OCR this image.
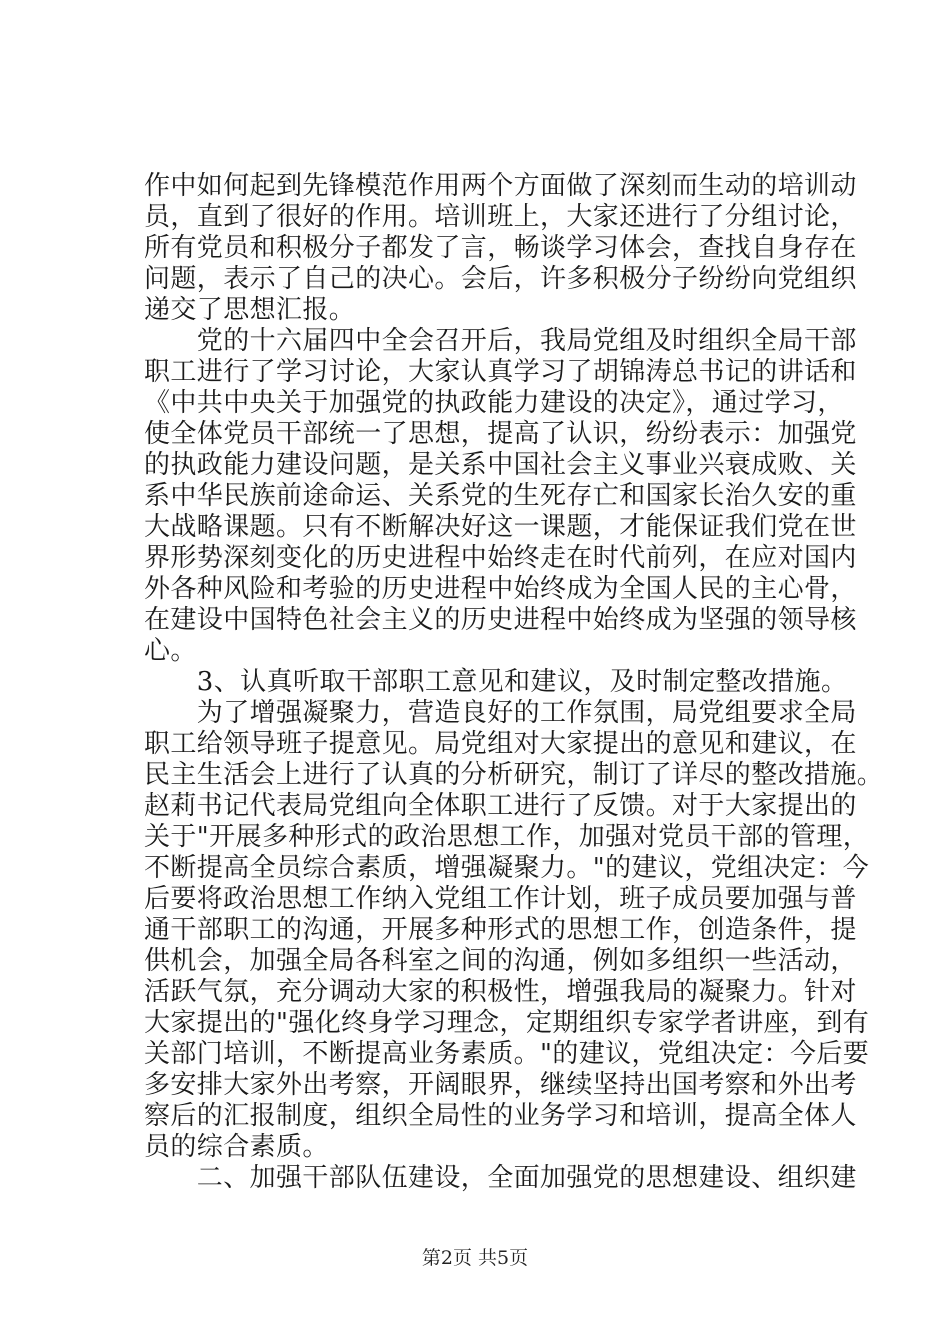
作中如何起到先锋模范作用两个方面做了深刻而生动的培训动
员，直到了很好的作用。培训班上，大家还进行了分组讨论，
所有党员和积极分子都发了言，畅谈学习体会，查找自身存在
问题，表示了自己的决心。会后，许多积极分子纷纷向党组织
递交了思想汇报。
　　党的十六届四中全会召开后，我局党组及时组织全局干部
职工进行了学习讨论，大家认真学习了胡锦涛总书记的讲话和
《中共中央关于加强党的执政能力建设的决定》，通过学习，
使全体党员干部统一了思想，提高了认识，纷纷表示：加强党
的执政能力建设问题，是关系中国社会主义事业兴衰成败、关
系中华民族前途命运、关系党的生死存亡和国家长治久安的重
大战略课题。只有不断解决好这一课题，才能保证我们党在世
界形势深刻变化的历史进程中始终走在时代前列，在应对国内
外各种风险和考验的历史进程中始终成为全国人民的主心骨，
在建设中国特色社会主义的历史进程中始终成为坚强的领导核
心。
　　3、认真听取干部职工意见和建议，及时制定整改措施。
　　为了增强凝聚力，营造良好的工作氛围，局党组要求全局
职工给领导班子提意见。局党组对大家提出的意见和建议，在
民主生活会上进行了认真的分析研究，制订了详尽的整改措施。
赵莉书记代表局党组向全体职工进行了反馈。对于大家提出的
关于"开展多种形式的政治思想工作，加强对党员干部的管理，
不断提高全员综合素质，增强凝聚力。"的建议，党组决定：今
后要将政治思想工作纳入党组工作计划，班子成员要加强与普
通干部职工的沟通，开展多种形式的思想工作，创造条件，提
供机会，加强全局各科室之间的沟通，例如多组织一些活动，
活跃气氛，充分调动大家的积极性，增强我局的凝聚力。针对
大家提出的"强化终身学习理念，定期组织专家学者讲座，到有
关部门培训，不断提高业务素质。"的建议，党组决定：今后要
多安排大家外出考察，开阔眼界，继续坚持出国考察和外出考
察后的汇报制度，组织全局性的业务学习和培训，提高全体人
员的综合素质。
　　二、加强干部队伍建设，全面加强党的思想建设、组织建
第2页 共5页
